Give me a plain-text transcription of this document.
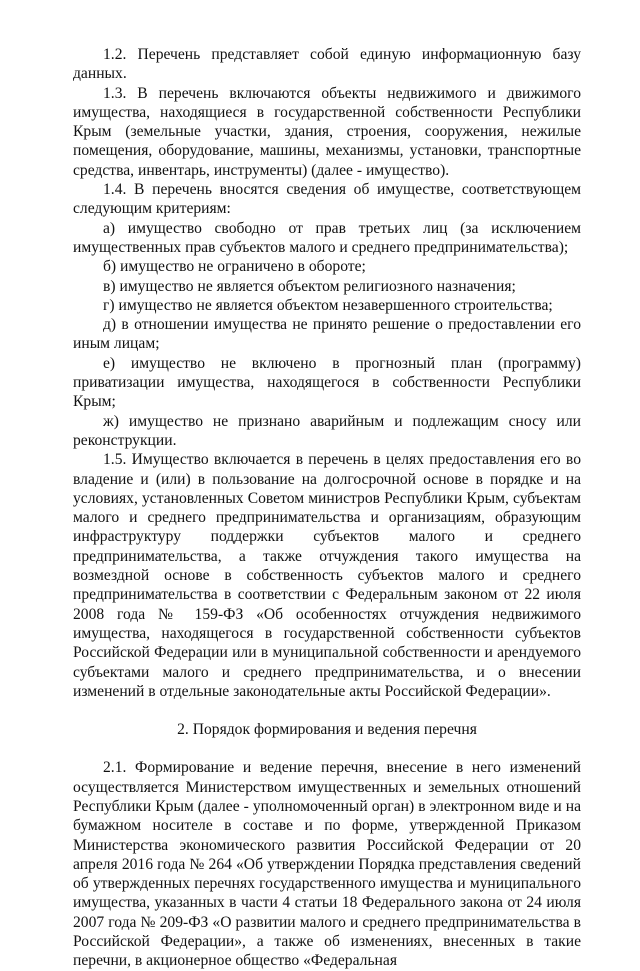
1.2. Перечень представляет собой единую информационную базу данных.

1.3. В перечень включаются объекты недвижимого и движимого имущества, находящиеся в государственной собственности Республики Крым (земельные участки, здания, строения, сооружения, нежилые помещения, оборудование, машины, механизмы, установки, транспортные средства, инвентарь, инструменты) (далее - имущество).

1.4. В перечень вносятся сведения об имуществе, соответствующем следующим критериям:

а) имущество свободно от прав третьих лиц (за исключением имущественных прав субъектов малого и среднего предпринимательства);

б) имущество не ограничено в обороте;

в) имущество не является объектом религиозного назначения;

г) имущество не является объектом незавершенного строительства;

д) в отношении имущества не принято решение о предоставлении его иным лицам;

е) имущество не включено в прогнозный план (программу) приватизации имущества, находящегося в собственности Республики Крым;

ж) имущество не признано аварийным и подлежащим сносу или реконструкции.

1.5. Имущество включается в перечень в целях предоставления его во владение и (или) в пользование на долгосрочной основе в порядке и на условиях, установленных Советом министров Республики Крым, субъектам малого и среднего предпринимательства и организациям, образующим инфраструктуру поддержки субъектов малого и среднего предпринимательства, а также отчуждения такого имущества на возмездной основе в собственность субъектов малого и среднего предпринимательства в соответствии с Федеральным законом от 22 июля 2008 года № 159-ФЗ «Об особенностях отчуждения недвижимого имущества, находящегося в государственной собственности субъектов Российской Федерации или в муниципальной собственности и арендуемого субъектами малого и среднего предпринимательства, и о внесении изменений в отдельные законодательные акты Российской Федерации».

2. Порядок формирования и ведения перечня

2.1. Формирование и ведение перечня, внесение в него изменений осуществляется Министерством имущественных и земельных отношений Республики Крым (далее - уполномоченный орган) в электронном виде и на бумажном носителе в составе и по форме, утвержденной Приказом Министерства экономического развития Российской Федерации от 20 апреля 2016 года № 264 «Об утверждении Порядка представления сведений об утвержденных перечнях государственного имущества и муниципального имущества, указанных в части 4 статьи 18 Федерального закона от 24 июля 2007 года № 209-ФЗ «О развитии малого и среднего предпринимательства в Российской Федерации», а также об изменениях, внесенных в такие перечни, в акционерное общество «Федеральная
